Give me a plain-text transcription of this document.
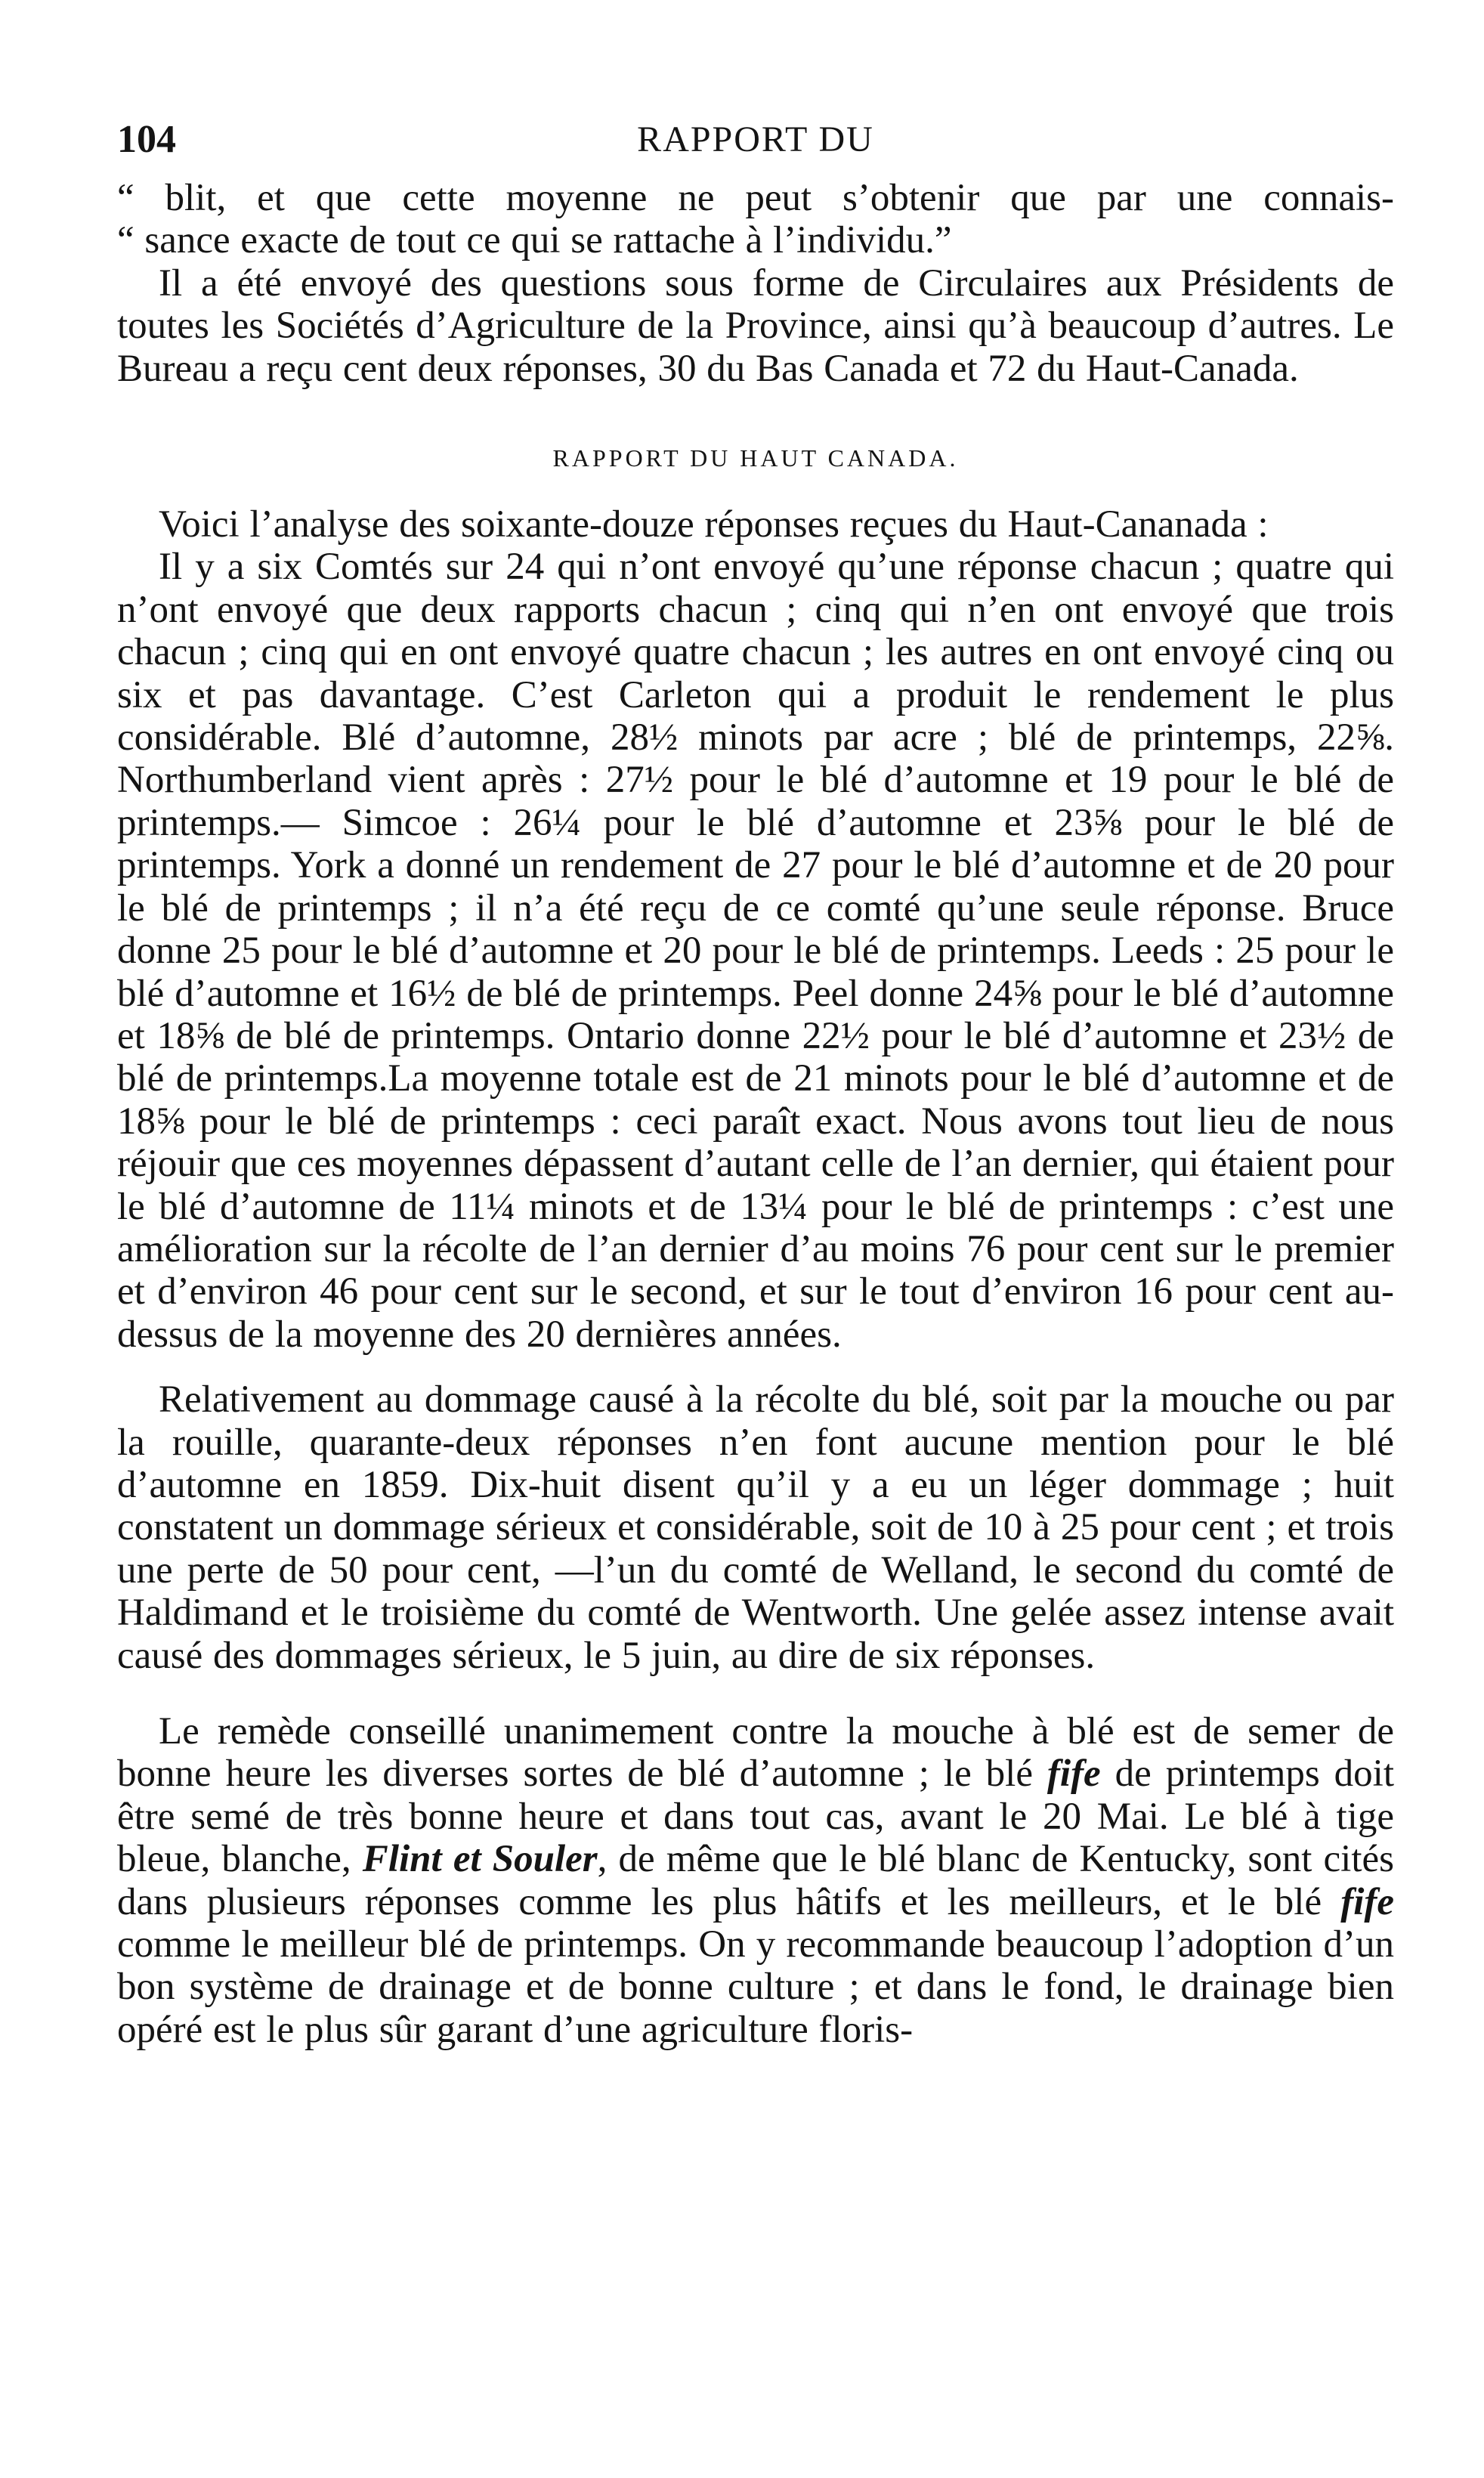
104	RAPPORT DU

“ blit, et que cette moyenne ne peut s’obtenir que par une connais-
“ sance exacte de tout ce qui se rattache à l’individu.”

Il a été envoyé des questions sous forme de Circulaires aux Présidents de toutes les Sociétés d’Agriculture de la Province, ainsi qu’à beaucoup d’autres. Le Bureau a reçu cent deux réponses, 30 du Bas Canada et 72 du Haut-Canada.

RAPPORT DU HAUT CANADA.

Voici l’analyse des soixante-douze réponses reçues du Haut-Cananada :

Il y a six Comtés sur 24 qui n’ont envoyé qu’une réponse chacun ; quatre qui n’ont envoyé que deux rapports chacun ; cinq qui n’en ont envoyé que trois chacun ; cinq qui en ont envoyé quatre chacun ; les autres en ont envoyé cinq ou six et pas davantage. C’est Carleton qui a produit le rendement le plus considérable. Blé d’automne, 28½ minots par acre ; blé de printemps, 22⅝. Northumberland vient après : 27½ pour le blé d’automne et 19 pour le blé de printemps.— Simcoe : 26¼ pour le blé d’automne et 23⅝ pour le blé de printemps. York a donné un rendement de 27 pour le blé d’automne et de 20 pour le blé de printemps ; il n’a été reçu de ce comté qu’une seule réponse. Bruce donne 25 pour le blé d’automne et 20 pour le blé de printemps. Leeds : 25 pour le blé d’automne et 16½ de blé de printemps. Peel donne 24⅝ pour le blé d’automne et 18⅝ de blé de printemps. Ontario donne 22½ pour le blé d’automne et 23½ de blé de printemps.La moyenne totale est de 21 minots pour le blé d’automne et de 18⅝ pour le blé de printemps : ceci paraît exact. Nous avons tout lieu de nous réjouir que ces moyennes dépassent d’autant celle de l’an dernier, qui étaient pour le blé d’automne de 11¼ minots et de 13¼ pour le blé de printemps : c’est une amélioration sur la récolte de l’an dernier d’au moins 76 pour cent sur le premier et d’environ 46 pour cent sur le second, et sur le tout d’environ 16 pour cent au-dessus de la moyenne des 20 dernières années.

Relativement au dommage causé à la récolte du blé, soit par la mouche ou par la rouille, quarante-deux réponses n’en font aucune mention pour le blé d’automne en 1859. Dix-huit disent qu’il y a eu un léger dommage ; huit constatent un dommage sérieux et considérable, soit de 10 à 25 pour cent ; et trois une perte de 50 pour cent, —l’un du comté de Welland, le second du comté de Haldimand et le troisième du comté de Wentworth. Une gelée assez intense avait causé des dommages sérieux, le 5 juin, au dire de six réponses.

Le remède conseillé unanimement contre la mouche à blé est de semer de bonne heure les diverses sortes de blé d’automne ; le blé fife de printemps doit être semé de très bonne heure et dans tout cas, avant le 20 Mai. Le blé à tige bleue, blanche, Flint et Souler, de même que le blé blanc de Kentucky, sont cités dans plusieurs réponses comme les plus hâtifs et les meilleurs, et le blé fife comme le meilleur blé de printemps. On y recommande beaucoup l’adoption d’un bon système de drainage et de bonne culture ; et dans le fond, le drainage bien opéré est le plus sûr garant d’une agriculture floris-
